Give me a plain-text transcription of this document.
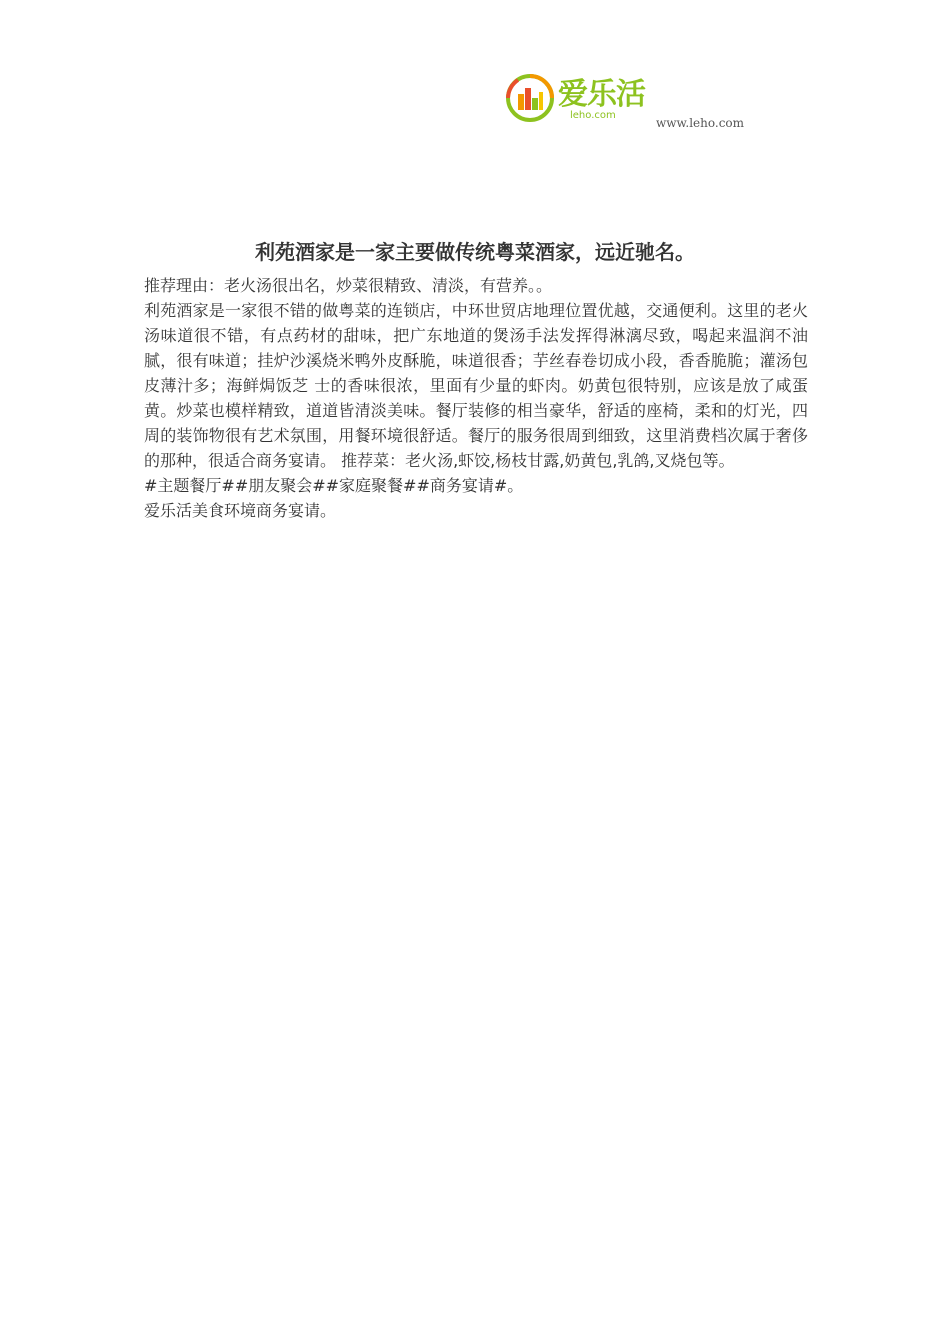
爱乐活
leho.com
www.leho.com
利苑酒家是一家主要做传统粤菜酒家，远近驰名。

推荐理由：老火汤很出名，炒菜很精致、清淡，有营养。。

利苑酒家是一家很不错的做粤菜的连锁店，中环世贸店地理位置优越，交通便利。这里的老火汤味道很不错，有点药材的甜味，把广东地道的煲汤手法发挥得淋漓尽致，喝起来温润不油腻，很有味道；挂炉沙溪烧米鸭外皮酥脆，味道很香；芋丝春卷切成小段，香香脆脆；灌汤包皮薄汁多；海鲜焗饭芝 士的香味很浓，里面有少量的虾肉。奶黄包很特别，应该是放了咸蛋黄。炒菜也模样精致，道道皆清淡美味。餐厅装修的相当豪华，舒适的座椅，柔和的灯光，四周的装饰物很有艺术氛围，用餐环境很舒适。餐厅的服务很周到细致，这里消费档次属于奢侈的那种，很适合商务宴请。 推荐菜：老火汤,虾饺,杨枝甘露,奶黄包,乳鸽,叉烧包等。

#主题餐厅##朋友聚会##家庭聚餐##商务宴请#。

爱乐活美食环境商务宴请。
